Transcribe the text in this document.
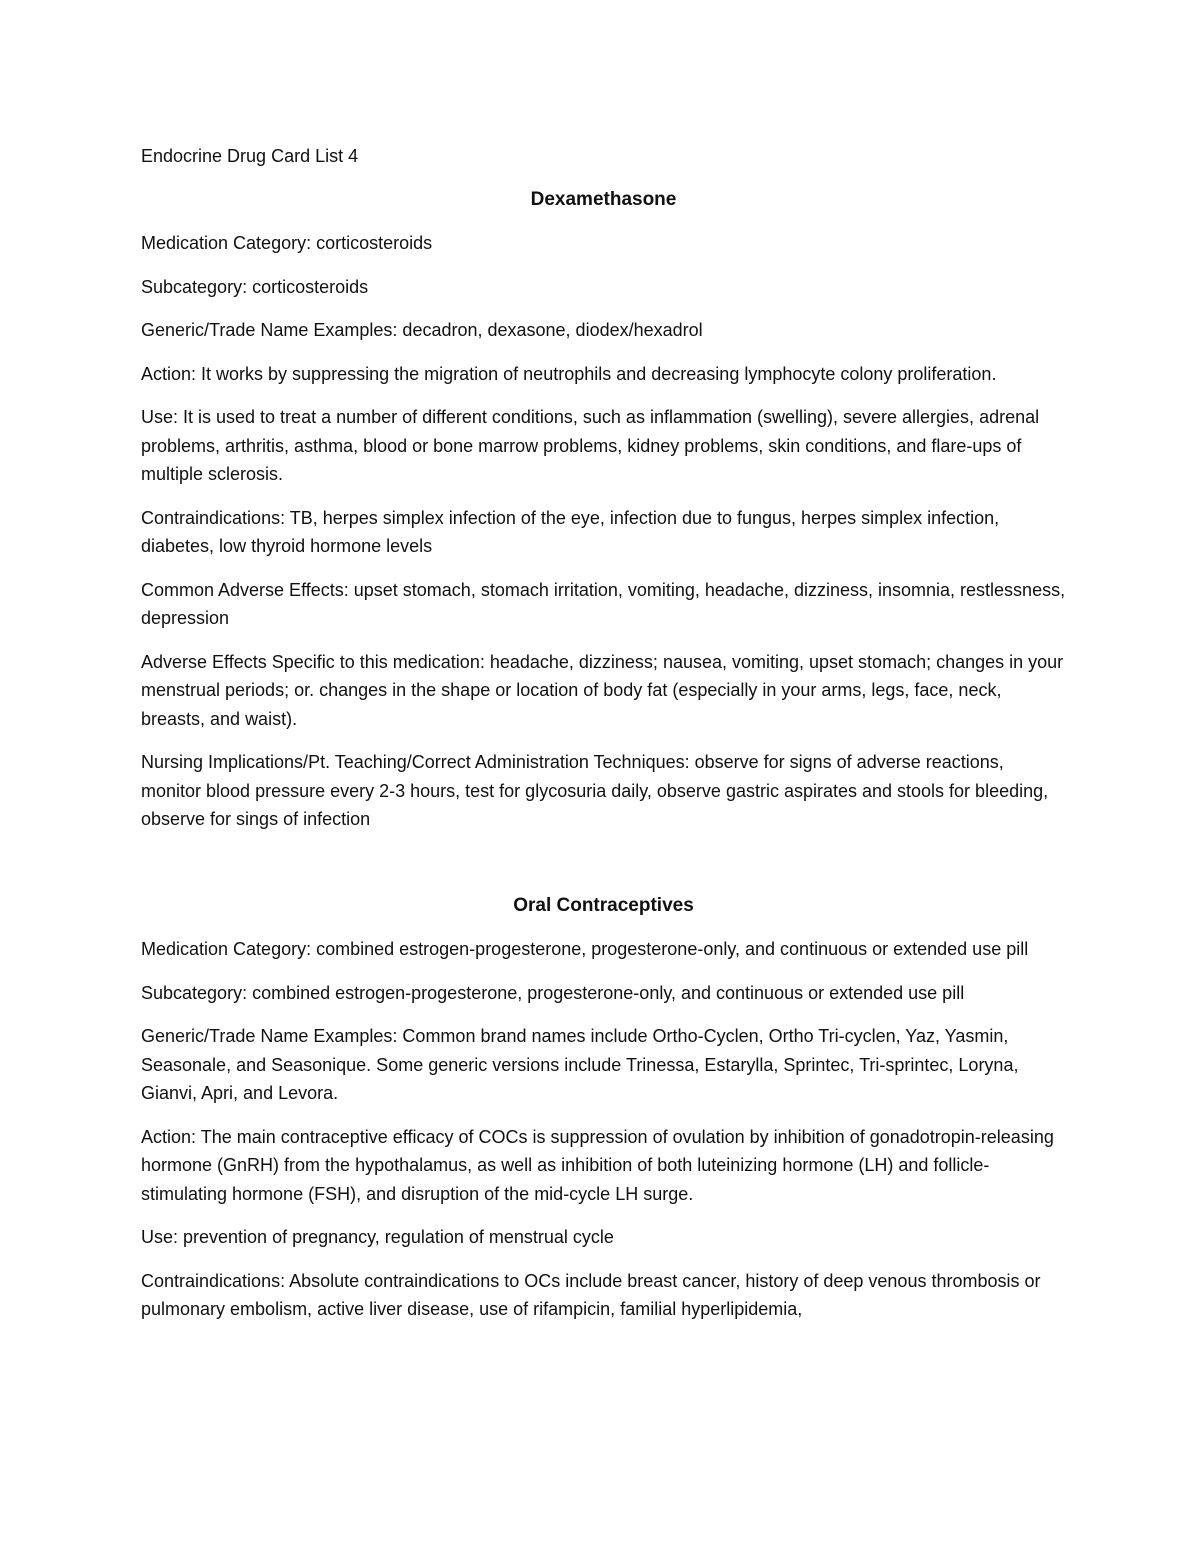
Endocrine Drug Card List 4
Dexamethasone
Medication Category: corticosteroids
Subcategory: corticosteroids
Generic/Trade Name Examples: decadron, dexasone, diodex/hexadrol
Action: It works by suppressing the migration of neutrophils and decreasing lymphocyte colony proliferation.
Use: It is used to treat a number of different conditions, such as inflammation (swelling), severe allergies, adrenal problems, arthritis, asthma, blood or bone marrow problems, kidney problems, skin conditions, and flare-ups of multiple sclerosis.
Contraindications: TB, herpes simplex infection of the eye, infection due to fungus, herpes simplex infection, diabetes, low thyroid hormone levels
Common Adverse Effects: upset stomach, stomach irritation, vomiting, headache, dizziness, insomnia, restlessness, depression
Adverse Effects Specific to this medication: headache, dizziness; nausea, vomiting, upset stomach; changes in your menstrual periods; or. changes in the shape or location of body fat (especially in your arms, legs, face, neck, breasts, and waist).
Nursing Implications/Pt. Teaching/Correct Administration Techniques: observe for signs of adverse reactions, monitor blood pressure every 2-3 hours, test for glycosuria daily, observe gastric aspirates and stools for bleeding, observe for sings of infection
Oral Contraceptives
Medication Category: combined estrogen-progesterone, progesterone-only, and continuous or extended use pill
Subcategory: combined estrogen-progesterone, progesterone-only, and continuous or extended use pill
Generic/Trade Name Examples: Common brand names include Ortho-Cyclen, Ortho Tri-cyclen, Yaz, Yasmin, Seasonale, and Seasonique. Some generic versions include Trinessa, Estarylla, Sprintec, Tri-sprintec, Loryna, Gianvi, Apri, and Levora.
Action: The main contraceptive efficacy of COCs is suppression of ovulation by inhibition of gonadotropin-releasing hormone (GnRH) from the hypothalamus, as well as inhibition of both luteinizing hormone (LH) and follicle-stimulating hormone (FSH), and disruption of the mid-cycle LH surge.
Use: prevention of pregnancy, regulation of menstrual cycle
Contraindications: Absolute contraindications to OCs include breast cancer, history of deep venous thrombosis or pulmonary embolism, active liver disease, use of rifampicin, familial hyperlipidemia,
